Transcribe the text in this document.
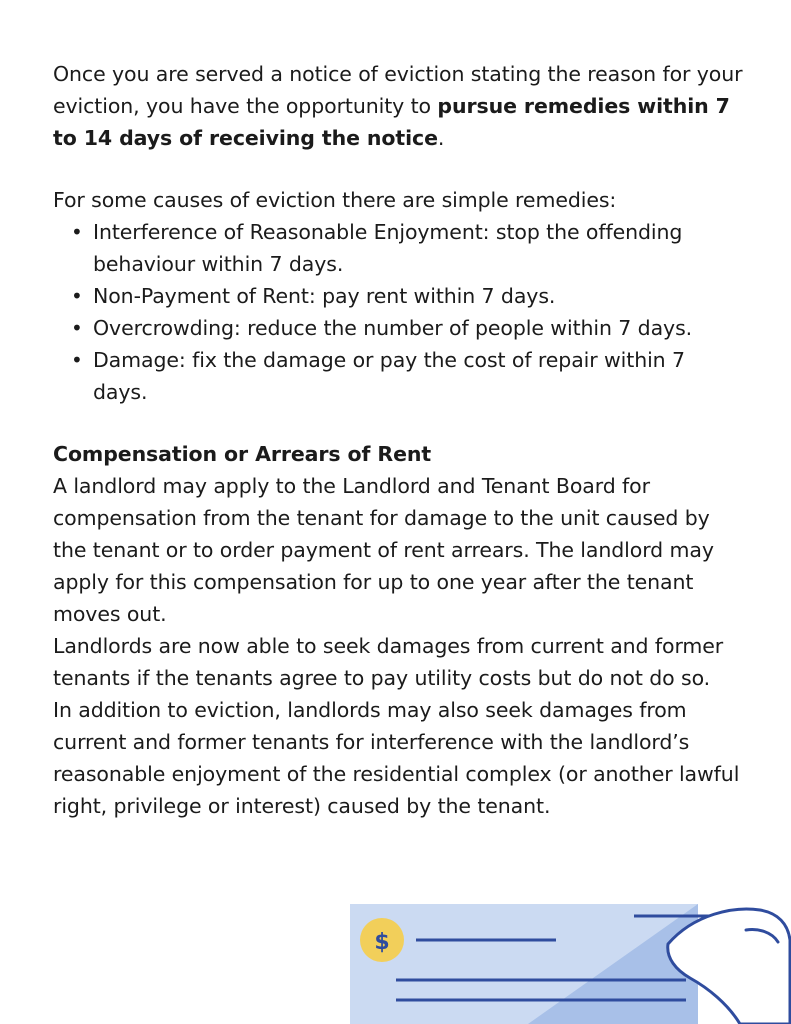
Once you are served a notice of eviction stating the reason for your eviction, you have the opportunity to pursue remedies within 7 to 14 days of receiving the notice.

For some causes of eviction there are simple remedies:

• Interference of Reasonable Enjoyment: stop the offending behaviour within 7 days.
• Non-Payment of Rent: pay rent within 7 days.
• Overcrowding: reduce the number of people within 7 days.
• Damage: fix the damage or pay the cost of repair within 7 days.

Compensation or Arrears of Rent

A landlord may apply to the Landlord and Tenant Board for compensation from the tenant for damage to the unit caused by the tenant or to order payment of rent arrears. The landlord may apply for this compensation for up to one year after the tenant moves out.

Landlords are now able to seek damages from current and former tenants if the tenants agree to pay utility costs but do not do so.

In addition to eviction, landlords may also seek damages from current and former tenants for interference with the landlord’s reasonable enjoyment of the residential complex (or another lawful right, privilege or interest) caused by the tenant.

$
